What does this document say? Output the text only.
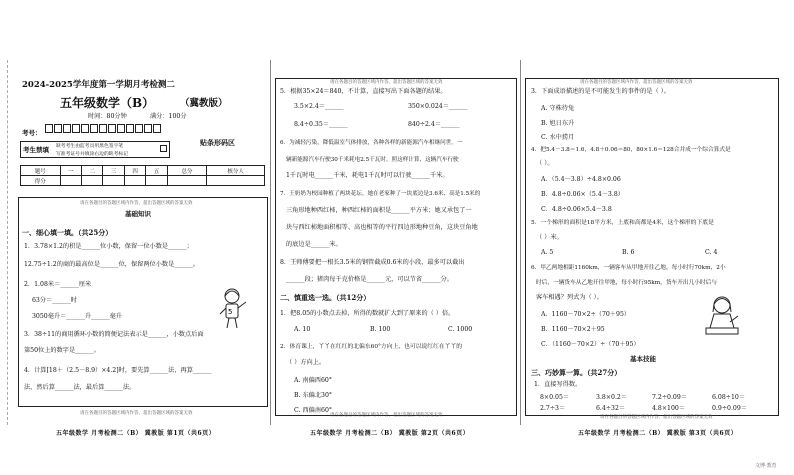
2024-2025学年度第一学期月考检测二
五年级数学（B）	（冀教版）
时间：80分钟	满分：100分
考号：
贴条形码区
考生禁填 缺考考生由监考员用黑色签字笔
写准考证号并填涂右边的缺考标记
题号	一	二	三	四	五	总分	核分人
得分							
请在各题目的答题区域内作答，超出答题区域的答案无效
基础知识
一、细心填一填。（共25分）
1．3.78×1.2的积是______位小数，保留一位小数是______；
12.75÷1.2的商的最高位是______位，保留两位小数是______。
2．1.08米＝______厘米
63分＝______时
3050毫升＝______升______毫升
3．38÷11的商用循环小数的简便记法表示是______，小数点后面
第50位上的数字是______。
4．计算[18＋（2.5－8.9）×4.2]时，要先算______法，再算______
法，然后算______法，最后算______法。
请在各题目的答题区域内作答，超出答题区域的答案无效
5
五年级数学 月考检测二（B） 冀教版 第1页（共6页）
请在各题目的答题区域内作答，超出答题区域的答案无效
5．根据35×24＝840，不计算，直接写出下面各题的结果。
3.5×2.4＝______	350×0.024＝______
8.4÷0.35＝______	840÷2.4＝______
6．为减轻污染，降低温室气体排放，各种各样的新能源汽车相继问世。一
辆新能源汽车行驶30千米耗电2.5千瓦时。照这样计算，这辆汽车行驶
1千瓦时电______千米，耗电1千瓦时可以行驶______千米。
7．王奶奶为校园种植了两块花坛。她在老家种了一块底边是3.6米、高是1.5米的
三角形地种西红柿，种西红柿的面积是______平方米；她又承包了一
块与西红柿地面积相等、高也相等的平行四边形地种豆角，这块豆角地
的底边是______米。
8．王师傅要把一根长3.5米的钢管截成0.6米的小段，最多可以截出
______段；猪肉每千克价格是______元，可以节省______分。
二、慎重选一选。（共12分）
1．把8.05的小数点去掉，所得的数就扩大到了原来的（ ）倍。
A. 10	B. 100	C. 1000
2．体育课上，丫丫在红红的北偏东60°方向上，也可以说红红在丫丫的
（ ）方向上。
A. 南偏西60°
B. 东偏北30°
C. 西偏南60°
请在各题目的答题区域内作答，超出答题区域的答案无效
五年级数学 月考检测二（B） 冀教版 第2页（共6页）
请在各题目的答题区域内作答，超出答题区域的答案无效
3．下面成语描述的是不可能发生的事件的是（ ）。
A. 守株待兔
B. 旭日东升
C. 水中捞月
4．把5.4－3.8＝1.6，4.8＋0.06＝80，80×1.6＝128合并成一个综合算式是
（ ）。
A．（5.4－3.8）÷4.8×0.06
B．4.8÷0.06×（5.4－3.8）
C．4.8÷0.06×5.4－3.8
5．一个梯形的面积是18平方米，上底和高都是4米，这个梯形的下底是
（ ）米。
A. 5	B. 6	C. 4
6．甲乙两地相距1160km，一辆客车从甲地开往乙地，每小时行70km，2小
时后，一辆货车从乙地开往甲地，每小时行95km，货车开出几小时后与
客车相遇？列式为（ ）。
A．1160－70×2÷（70＋95）
B．1160－70×2＋95
C．（1160－70×2）÷（70＋95）
基本技能
三、巧妙算一算。（共27分）
1．直接写得数。
8×0.05＝	3.8×0.2＝	7.2÷0.09＝	6.08÷10＝
2.7÷3＝	6.4÷32＝	4.8×100＝	0.9÷0.09＝
请在各题目的答题区域内作答，超出答题区域的答案无效
五年级数学 月考检测二（B） 冀教版 第3页（共6页）
文博·教育
